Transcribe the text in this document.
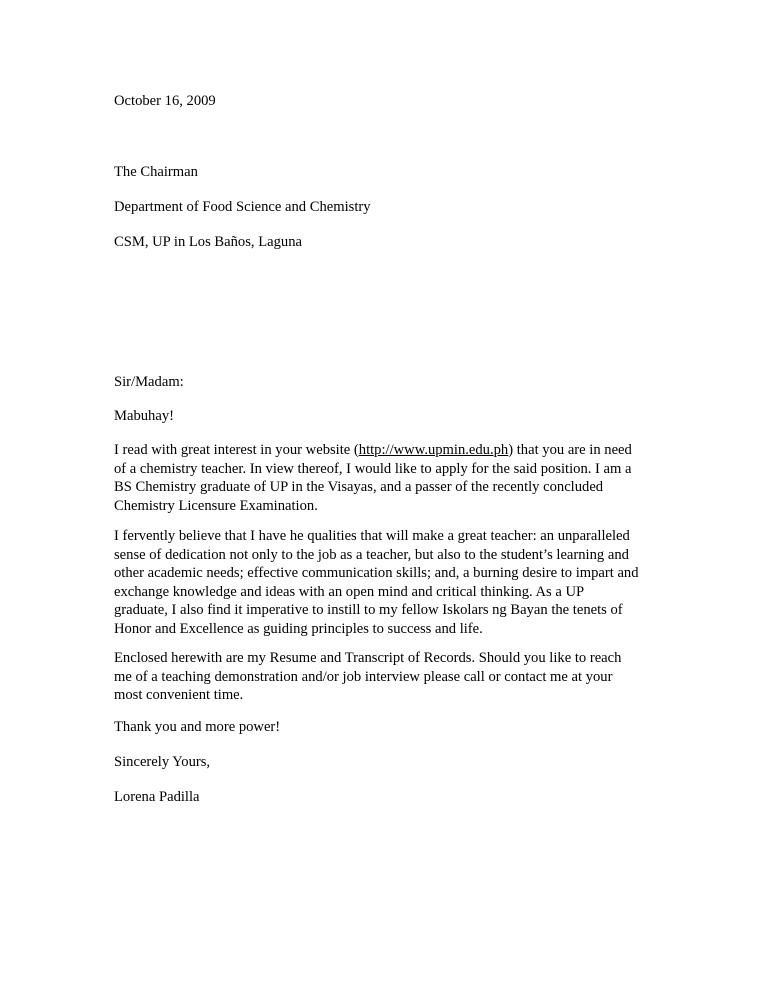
October 16, 2009
The Chairman
Department of Food Science and Chemistry
CSM, UP in Los Baños, Laguna
Sir/Madam:
Mabuhay!
I read with great interest in your website (http://www.upmin.edu.ph) that you are in need
of a chemistry teacher. In view thereof, I would like to apply for the said position. I am a
BS Chemistry graduate of UP in the Visayas, and a passer of the recently concluded
Chemistry Licensure Examination.
I fervently believe that I have he qualities that will make a great teacher: an unparalleled
sense of dedication not only to the job as a teacher, but also to the student’s learning and
other academic needs; effective communication skills; and, a burning desire to impart and
exchange knowledge and ideas with an open mind and critical thinking. As a UP
graduate, I also find it imperative to instill to my fellow Iskolars ng Bayan the tenets of
Honor and Excellence as guiding principles to success and life.
Enclosed herewith are my Resume and Transcript of Records. Should you like to reach
me of a teaching demonstration and/or job interview please call or contact me at your
most convenient time.
Thank you and more power!
Sincerely Yours,
Lorena Padilla
